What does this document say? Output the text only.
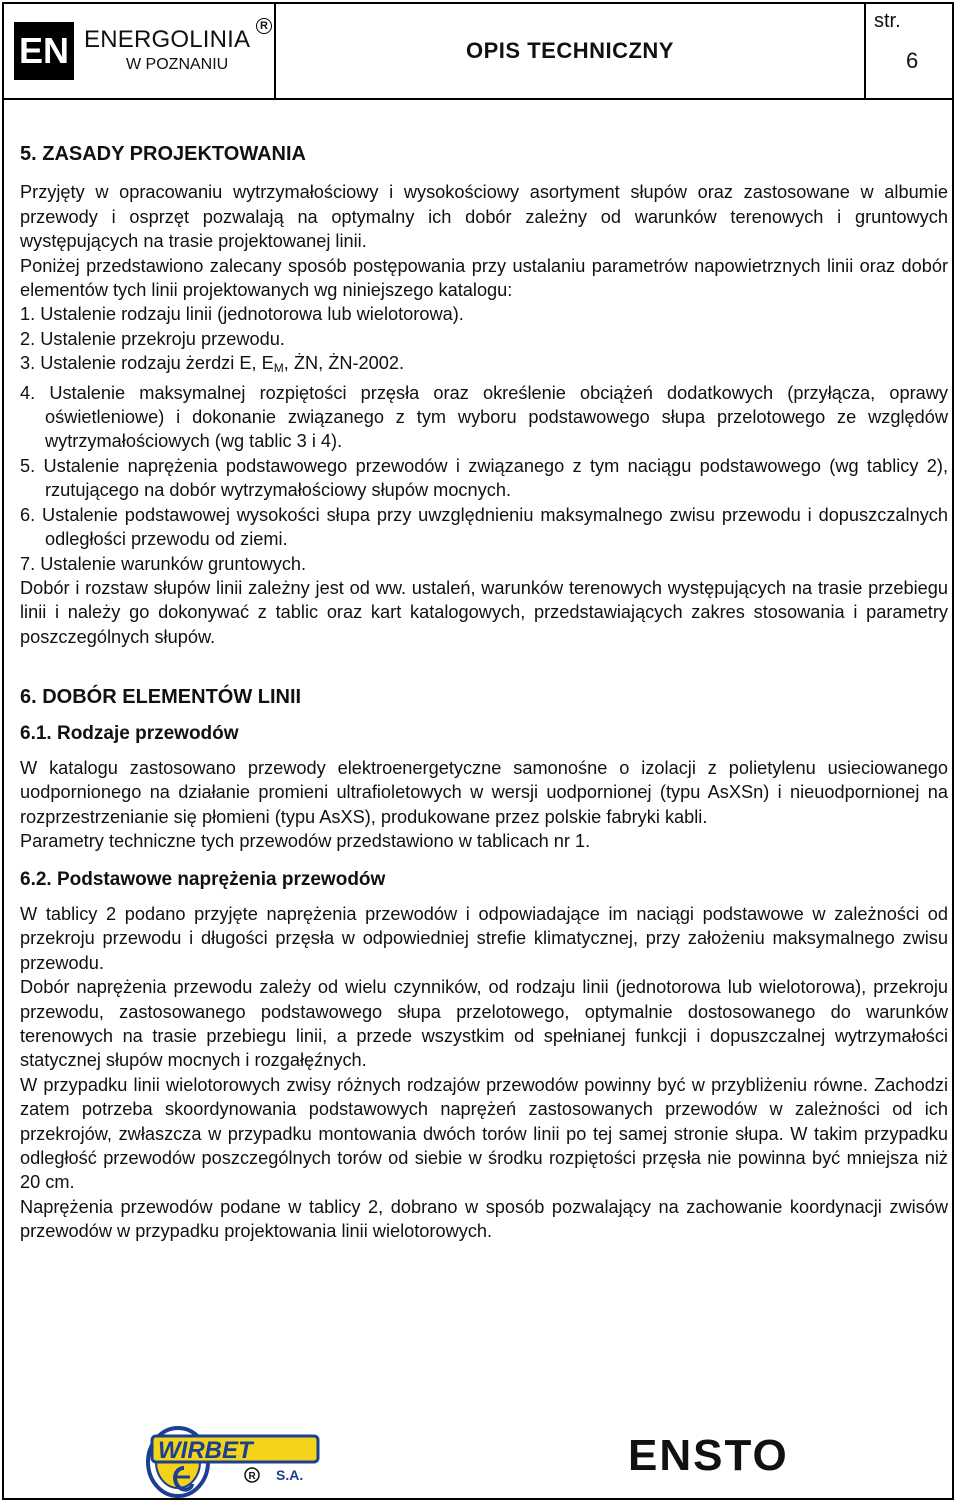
EN ENERGOLINIA R
W POZNANIU
OPIS TECHNICZNY
str.
6
5. ZASADY PROJEKTOWANIA

Przyjęty w opracowaniu wytrzymałościowy i wysokościowy asortyment słupów oraz zastosowane w albumie przewody i osprzęt pozwalają na optymalny ich dobór zależny od warunków terenowych i gruntowych występujących na trasie projektowanej linii.

Poniżej przedstawiono zalecany sposób postępowania przy ustalaniu parametrów napowietrznych linii oraz dobór elementów tych linii projektowanych wg niniejszego katalogu:

1. Ustalenie rodzaju linii (jednotorowa lub wielotorowa).

2. Ustalenie przekroju przewodu.

3. Ustalenie rodzaju żerdzi E, $E_M$, ŻN, ŻN-2002.

4. Ustalenie maksymalnej rozpiętości przęsła oraz określenie obciążeń dodatkowych (przyłącza, oprawy oświetleniowe) i dokonanie związanego z tym wyboru podstawowego słupa przelotowego ze względów wytrzymałościowych (wg tablic 3 i 4).

5. Ustalenie naprężenia podstawowego przewodów i związanego z tym naciągu podstawowego (wg tablicy 2), rzutującego na dobór wytrzymałościowy słupów mocnych.

6. Ustalenie podstawowej wysokości słupa przy uwzględnieniu maksymalnego zwisu przewodu i dopuszczalnych odległości przewodu od ziemi.

7. Ustalenie warunków gruntowych.

Dobór i rozstaw słupów linii zależny jest od ww. ustaleń, warunków terenowych występujących na trasie przebiegu linii i należy go dokonywać z tablic oraz kart katalogowych, przedstawiających zakres stosowania i parametry poszczególnych słupów.

6. DOBÓR ELEMENTÓW LINII
6.1. Rodzaje przewodów

W katalogu zastosowano przewody elektroenergetyczne samonośne o izolacji z polietylenu usieciowanego uodpornionego na działanie promieni ultrafioletowych w wersji uodpornionej (typu AsXSn) i nieuodpornionej na rozprzestrzenianie się płomieni (typu AsXS), produkowane przez polskie fabryki kabli.

Parametry techniczne tych przewodów przedstawiono w tablicach nr 1.

6.2. Podstawowe naprężenia przewodów

W tablicy 2 podano przyjęte naprężenia przewodów i odpowiadające im naciągi podstawowe w zależności od przekroju przewodu i długości przęsła w odpowiedniej strefie klimatycznej, przy założeniu maksymalnego zwisu przewodu.

Dobór naprężenia przewodu zależy od wielu czynników, od rodzaju linii (jednotorowa lub wielotorowa), przekroju przewodu, zastosowanego podstawowego słupa przelotowego, optymalnie dostosowanego do warunków terenowych na trasie przebiegu linii, a przede wszystkim od spełnianej funkcji i dopuszczalnej wytrzymałości statycznej słupów mocnych i rozgałęźnych.

W przypadku linii wielotorowych zwisy różnych rodzajów przewodów powinny być w przybliżeniu równe. Zachodzi zatem potrzeba skoordynowania podstawowych naprężeń zastosowanych przewodów w zależności od ich przekrojów, zwłaszcza w przypadku montowania dwóch torów linii po tej samej stronie słupa. W takim przypadku odległość przewodów poszczególnych torów od siebie w środku rozpiętości przęsła nie powinna być mniejsza niż 20 cm.

Naprężenia przewodów podane w tablicy 2, dobrano w sposób pozwalający na zachowanie koordynacji zwisów przewodów w przypadku projektowania linii wielotorowych.

WIRBET
S.A.
R	ENSTO
